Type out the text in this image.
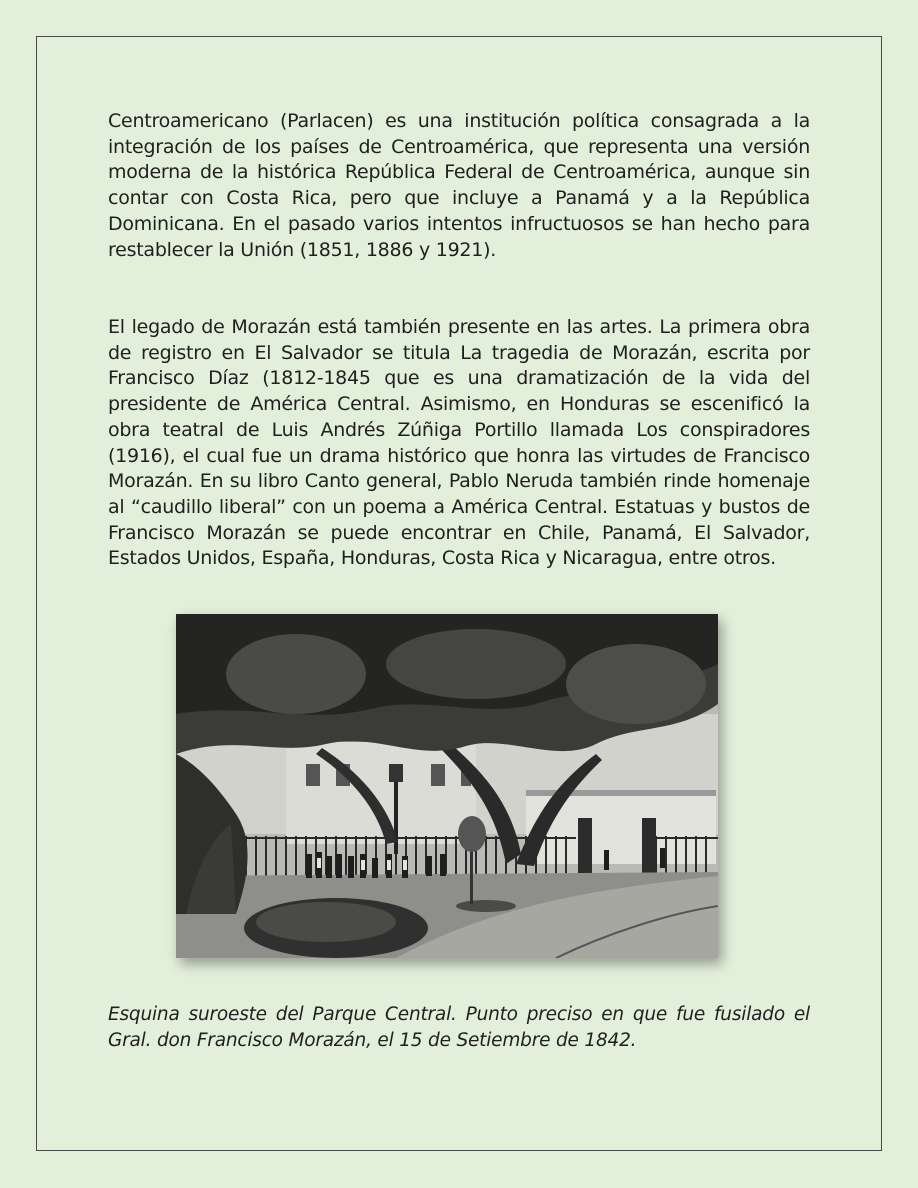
Centroamericano (Parlacen) es una institución política consagrada a la integración de los países de Centroamérica, que representa una versión moderna de la histórica República Federal de Centroamérica, aunque sin contar con Costa Rica, pero que incluye a Panamá y a la República Dominicana. En el pasado varios intentos infructuosos se han hecho para restablecer la Unión (1851, 1886 y 1921).

El legado de Morazán está también presente en las artes. La primera obra de registro en El Salvador se titula La tragedia de Morazán, escrita por Francisco Díaz (1812-1845 que es una dramatización de la vida del presidente de América Central. Asimismo, en Honduras se escenificó la obra teatral de Luis Andrés Zúñiga Portillo llamada Los conspiradores (1916), el cual fue un drama histórico que honra las virtudes de Francisco Morazán. En su libro Canto general, Pablo Neruda también rinde homenaje al “caudillo liberal” con un poema a América Central. Estatuas y bustos de Francisco Morazán se puede encontrar en Chile, Panamá, El Salvador, Estados Unidos, España, Honduras, Costa Rica y Nicaragua, entre otros.

Esquina suroeste del Parque Central. Punto preciso en que fue fusilado el Gral. don Francisco Morazán, el 15 de Setiembre de 1842.
